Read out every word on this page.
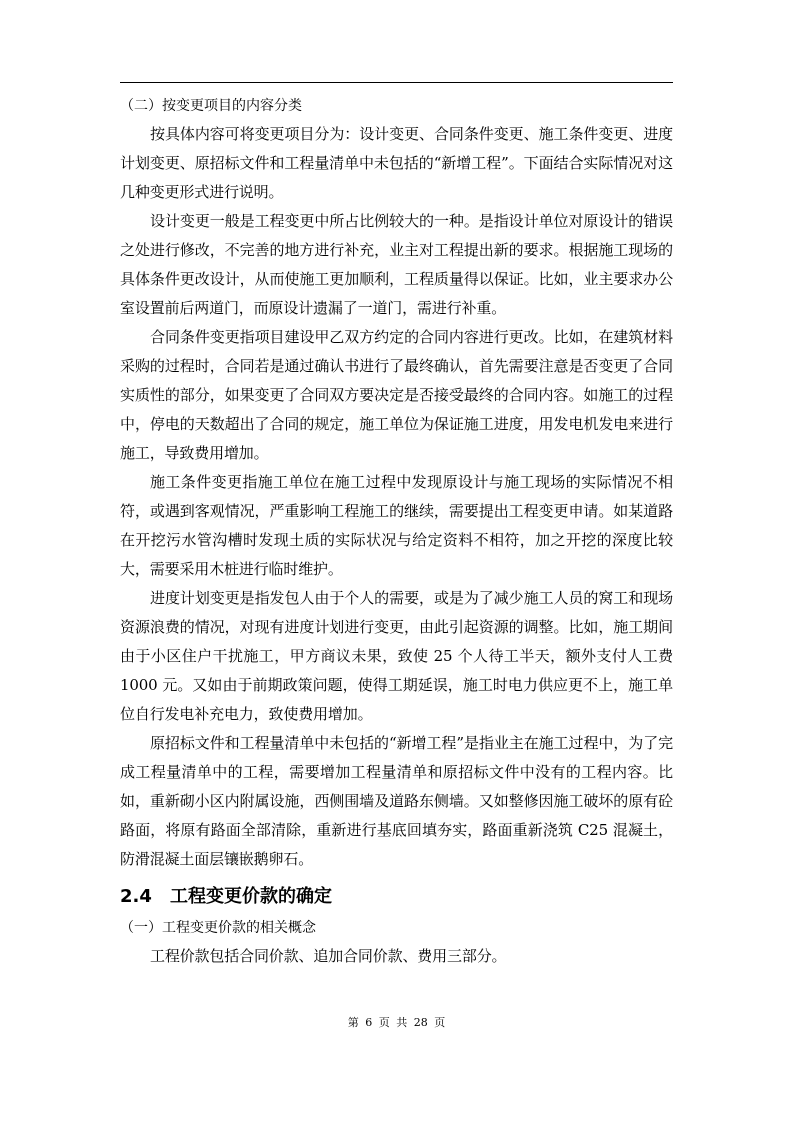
（二）按变更项目的内容分类

按具体内容可将变更项目分为：设计变更、合同条件变更、施工条件变更、进度计划变更、原招标文件和工程量清单中未包括的“新增工程”。下面结合实际情况对这几种变更形式进行说明。

设计变更一般是工程变更中所占比例较大的一种。是指设计单位对原设计的错误之处进行修改，不完善的地方进行补充，业主对工程提出新的要求。根据施工现场的具体条件更改设计，从而使施工更加顺利，工程质量得以保证。比如，业主要求办公室设置前后两道门，而原设计遗漏了一道门，需进行补重。

合同条件变更指项目建设甲乙双方约定的合同内容进行更改。比如，在建筑材料采购的过程时，合同若是通过确认书进行了最终确认，首先需要注意是否变更了合同实质性的部分，如果变更了合同双方要决定是否接受最终的合同内容。如施工的过程中，停电的天数超出了合同的规定，施工单位为保证施工进度，用发电机发电来进行施工，导致费用增加。

施工条件变更指施工单位在施工过程中发现原设计与施工现场的实际情况不相符，或遇到客观情况，严重影响工程施工的继续，需要提出工程变更申请。如某道路在开挖污水管沟槽时发现土质的实际状况与给定资料不相符，加之开挖的深度比较大，需要采用木桩进行临时维护。

进度计划变更是指发包人由于个人的需要，或是为了减少施工人员的窝工和现场资源浪费的情况，对现有进度计划进行变更，由此引起资源的调整。比如，施工期间由于小区住户干扰施工，甲方商议未果，致使 25 个人待工半天，额外支付人工费 1000 元。又如由于前期政策问题，使得工期延误，施工时电力供应更不上，施工单位自行发电补充电力，致使费用增加。

原招标文件和工程量清单中未包括的“新增工程”是指业主在施工过程中，为了完成工程量清单中的工程，需要增加工程量清单和原招标文件中没有的工程内容。比如，重新砌小区内附属设施，西侧围墙及道路东侧墙。又如整修因施工破坏的原有砼路面，将原有路面全部清除，重新进行基底回填夯实，路面重新浇筑 C25 混凝土，防滑混凝土面层镶嵌鹅卵石。

2.4 工程变更价款的确定
（一）工程变更价款的相关概念

工程价款包括合同价款、追加合同价款、费用三部分。

第 6 页 共 28 页
